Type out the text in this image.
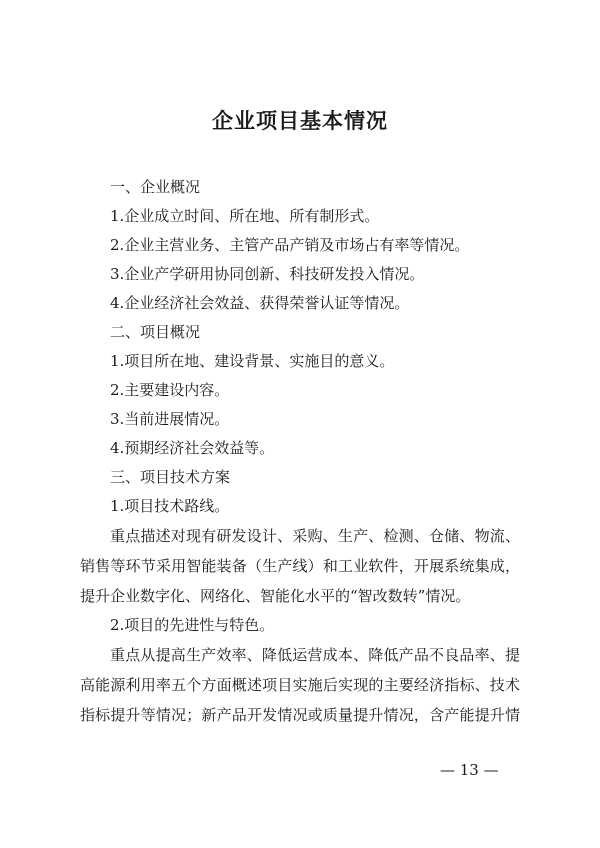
企业项目基本情况

一、企业概况

1.企业成立时间、所在地、所有制形式。

2.企业主营业务、主管产品产销及市场占有率等情况。

3.企业产学研用协同创新、科技研发投入情况。

4.企业经济社会效益、获得荣誉认证等情况。

二、项目概况

1.项目所在地、建设背景、实施目的意义。

2.主要建设内容。

3.当前进展情况。

4.预期经济社会效益等。

三、项目技术方案

1.项目技术路线。

重点描述对现有研发设计、采购、生产、检测、仓储、物流、

销售等环节采用智能装备（生产线）和工业软件，开展系统集成，

提升企业数字化、网络化、智能化水平的“智改数转”情况。

2.项目的先进性与特色。

重点从提高生产效率、降低运营成本、降低产品不良品率、提

高能源利用率五个方面概述项目实施后实现的主要经济指标、技术

指标提升等情况；新产品开发情况或质量提升情况，含产能提升情

— 13 —
